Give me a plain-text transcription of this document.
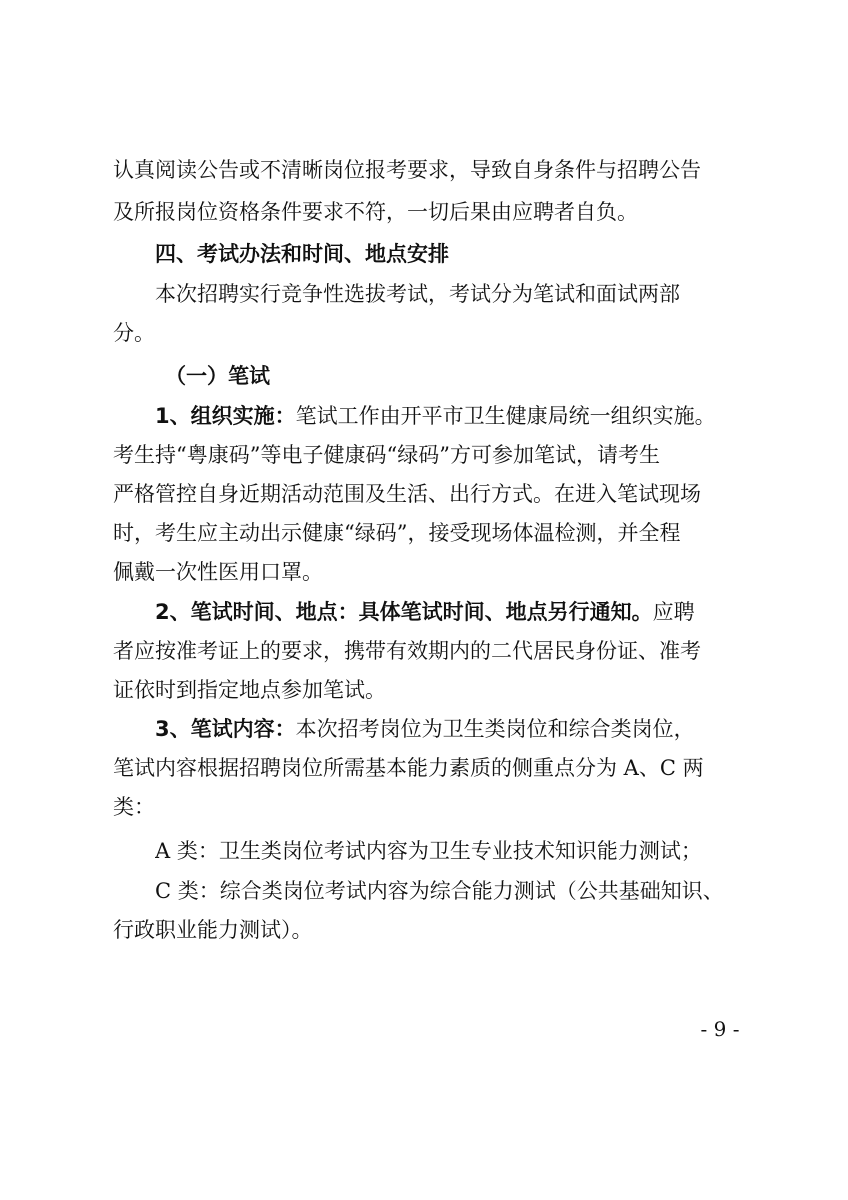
认真阅读公告或不清晰岗位报考要求，导致自身条件与招聘公告
及所报岗位资格条件要求不符，一切后果由应聘者自负。
四、考试办法和时间、地点安排
本次招聘实行竞争性选拔考试，考试分为笔试和面试两部
分。
（一）笔试
1、组织实施：笔试工作由开平市卫生健康局统一组织实施。
考生持“粤康码”等电子健康码“绿码”方可参加笔试，请考生
严格管控自身近期活动范围及生活、出行方式。在进入笔试现场
时，考生应主动出示健康“绿码”，接受现场体温检测，并全程
佩戴一次性医用口罩。
2、笔试时间、地点：具体笔试时间、地点另行通知。应聘
者应按准考证上的要求，携带有效期内的二代居民身份证、准考
证依时到指定地点参加笔试。
3、笔试内容：本次招考岗位为卫生类岗位和综合类岗位，
笔试内容根据招聘岗位所需基本能力素质的侧重点分为 A、C 两
类：
A 类：卫生类岗位考试内容为卫生专业技术知识能力测试；
C 类：综合类岗位考试内容为综合能力测试（公共基础知识、
行政职业能力测试）。
- 9 -
